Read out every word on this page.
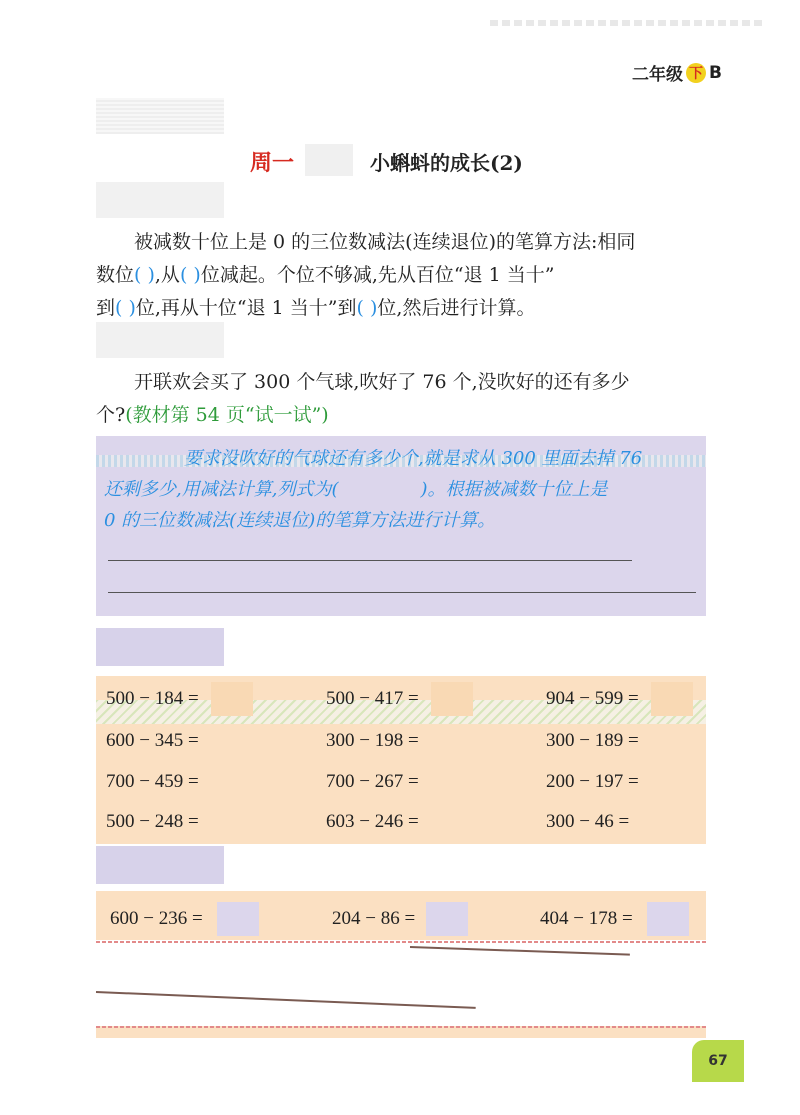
二年级 下 B
周一	小蝌蚪的成长(2)
被减数十位上是 0 的三位数减法(连续退位)的笔算方法:相同
数位( ),从( )位减起。个位不够减,先从百位“退 1 当十”
到( )位,再从十位“退 1 当十”到( )位,然后进行计算。
开联欢会买了 300 个气球,吹好了 76 个,没吹好的还有多少
个?(教材第 54 页“试一试”)
要求没吹好的气球还有多少个,就是求从 300 里面去掉 76
还剩多少,用减法计算,列式为(	)。根据被减数十位上是
0 的三位数减法(连续退位)的笔算方法进行计算。
500 − 184 =	500 − 417 =	904 − 599 =
600 − 345 =	300 − 198 =	300 − 189 =
700 − 459 =	700 − 267 =	200 − 197 =
500 − 248 =	603 − 246 =	300 − 46 =
600 − 236 =	204 − 86 =	404 − 178 =
67
